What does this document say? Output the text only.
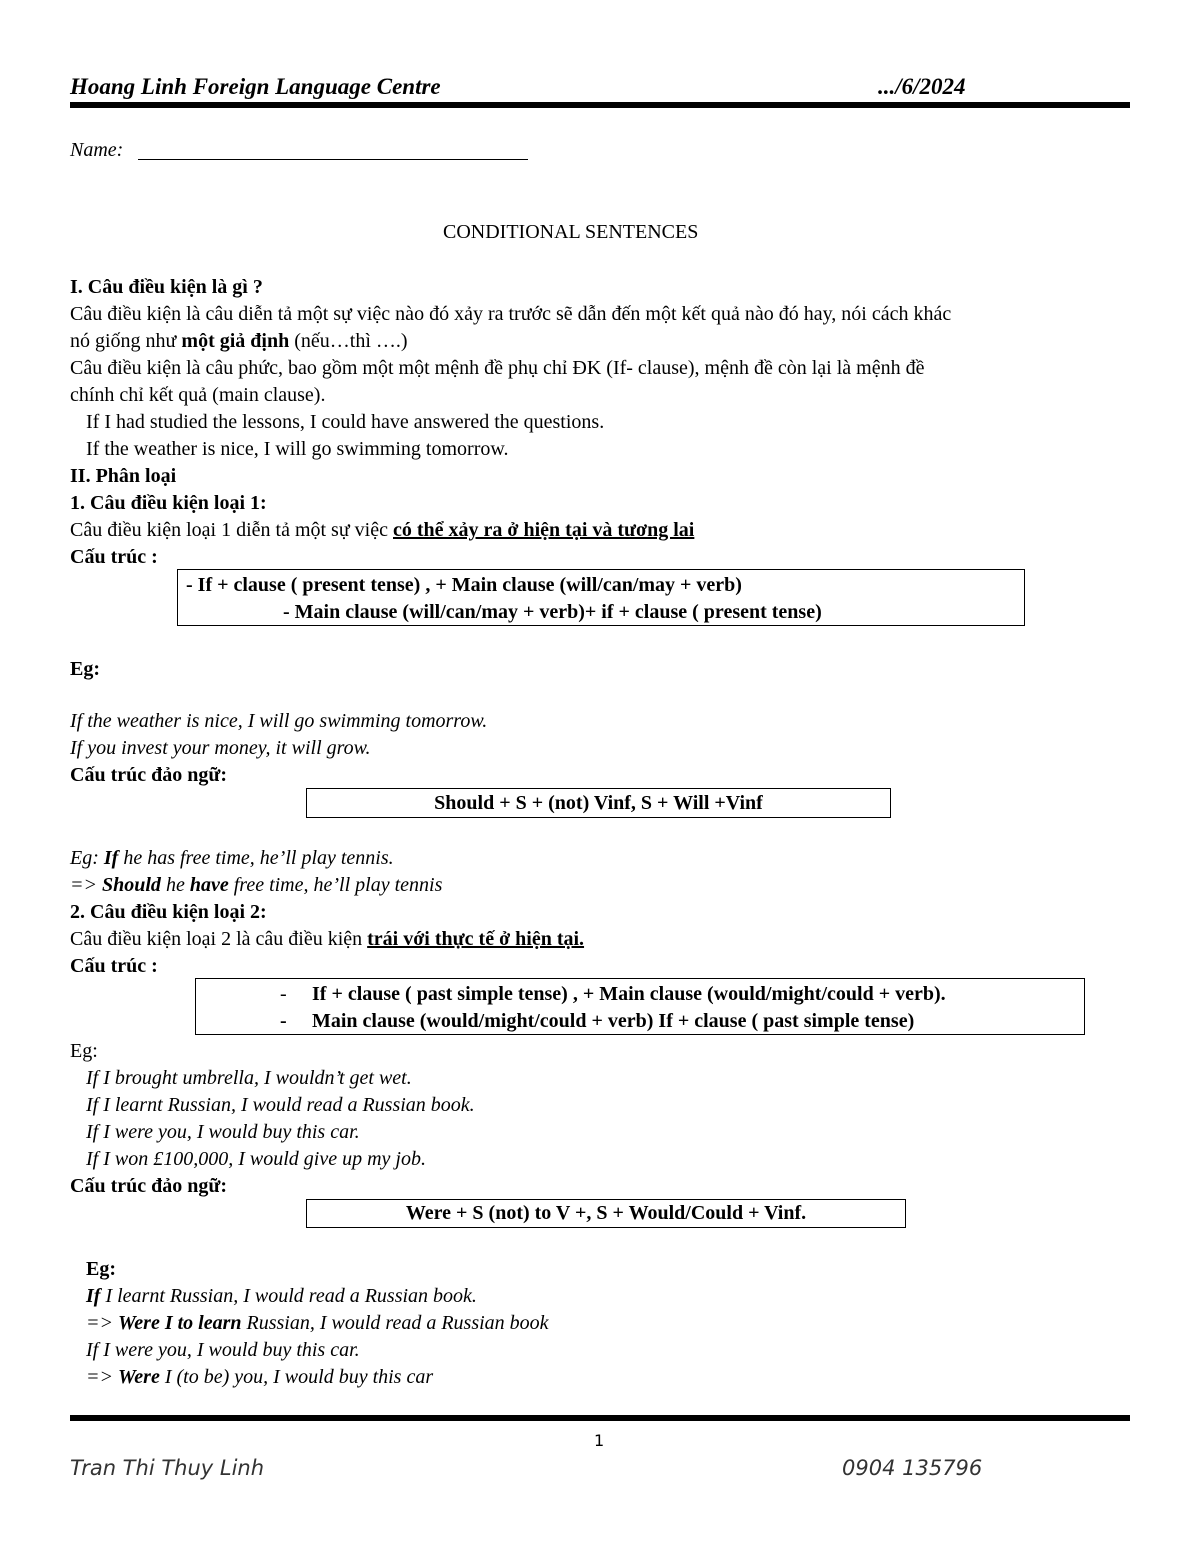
Hoang Linh Foreign Language Centre	.../6/2024
Name:
CONDITIONAL SENTENCES
I. Câu điều kiện là gì ?
Câu điều kiện là câu diễn tả một sự việc nào đó xảy ra trước sẽ dẫn đến một kết quả nào đó hay, nói cách khác
nó giống như một giả định (nếu…thì ….)
Câu điều kiện là câu phức, bao gồm một một mệnh đề phụ chỉ ĐK (If- clause), mệnh đề còn lại là mệnh đề
chính chỉ kết quả (main clause).
If I had studied the lessons, I could have answered the questions.
If the weather is nice, I will go swimming tomorrow.
II. Phân loại
1. Câu điều kiện loại 1:
Câu điều kiện loại 1 diễn tả một sự việc có thể xảy ra ở hiện tại và tương lai
Cấu trúc :
- If + clause ( present tense) , + Main clause (will/can/may + verb)
- Main clause (will/can/may + verb)+ if + clause ( present tense)
Eg:
If the weather is nice, I will go swimming tomorrow.
If you invest your money, it will grow.
Cấu trúc đảo ngữ:
Should + S + (not) Vinf, S + Will +Vinf
Eg: If he has free time, he’ll play tennis.
=> Should he have free time, he’ll play tennis
2. Câu điều kiện loại 2:
Câu điều kiện loại 2 là câu điều kiện trái với thực tế ở hiện tại.
Cấu trúc :
- If + clause ( past simple tense) , + Main clause (would/might/could + verb).
- Main clause (would/might/could + verb) If + clause ( past simple tense)
Eg:
If I brought umbrella, I wouldn’t get wet.
If I learnt Russian, I would read a Russian book.
If I were you, I would buy this car.
If I won £100,000, I would give up my job.
Cấu trúc đảo ngữ:
Were + S (not) to V +, S + Would/Could + Vinf.
Eg:
If I learnt Russian, I would read a Russian book.
=> Were I to learn Russian, I would read a Russian book
If I were you, I would buy this car.
=> Were I (to be) you, I would buy this car
1
Tran Thi Thuy Linh	0904 135796
